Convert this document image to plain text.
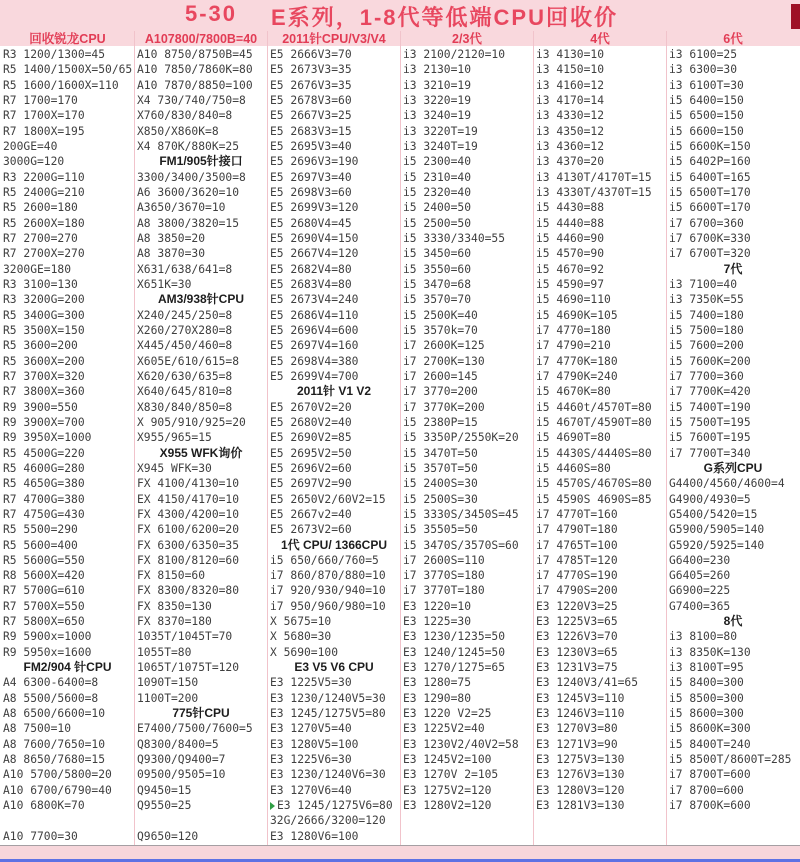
5-30 E系列，1-8代等低端CPU回收价
回收锐龙CPU
R3 1200/1300=45
R5 1400/1500X=50/65
R5 1600/1600X=110
R7 1700=170
R7 1700X=170
R7 1800X=195
200GE=40
3000G=120
R3 2200G=110
R5 2400G=210
R5 2600=180
R5 2600X=180
R7 2700=270
R7 2700X=270
3200GE=180
R3 3100=130
R3 3200G=200
R5 3400G=300
R5 3500X=150
R5 3600=200
R5 3600X=200
R7 3700X=320
R7 3800X=360
R9 3900=550
R9 3900X=700
R9 3950X=1000
R5 4500G=220
R5 4600G=280
R5 4650G=380
R7 4700G=380
R7 4750G=430
R5 5500=290
R5 5600=400
R5 5600G=550
R8 5600X=420
R7 5700G=610
R7 5700X=550
R7 5800X=650
R9 5900x=1000
R9 5950x=1600
FM2/904 针CPU
A4 6300-6400=8
A8 5500/5600=8
A8 6500/6600=10
A8 7500=10
A8 7600/7650=10
A8 8650/7680=15
A10 5700/5800=20
A10 6700/6790=40
A10 6800K=70
A10 7700=30
A107800/7800B=40
A10 8750/8750B=45
A10 7850/7860K=80
A10 7870/8850=100
X4 730/740/750=8
X760/830/840=8
X850/X860K=8
X4 870K/880K=25
FM1/905针接口
3300/3400/3500=8
A6 3600/3620=10
A3650/3670=10
A8 3800/3820=15
A8 3850=20
A8 3870=30
X631/638/641=8
X651K=30
AM3/938针CPU
X240/245/250=8
X260/270X280=8
X445/450/460=8
X605E/610/615=8
X620/630/635=8
X640/645/810=8
X830/840/850=8
X 905/910/925=20
X955/965=15
X955 WFK询价
X945 WFK=30
FX 4100/4130=10
EX 4150/4170=10
FX 4300/4200=10
FX 6100/6200=20
FX 6300/6350=35
FX 8100/8120=60
FX 8150=60
FX 8300/8320=80
FX 8350=130
FX 8370=180
1035T/1045T=70
1055T=80
1065T/1075T=120
1090T=150
1100T=200
775针CPU
E7400/7500/7600=5
Q8300/8400=5
Q9300/Q9400=7
09500/9505=10
Q9450=15
Q9550=25
Q9650=120
2011针CPU/V3/V4
E5 2666V3=70
E5 2673V3=35
E5 2676V3=35
E5 2678V3=60
E5 2667V3=25
E5 2683V3=15
E5 2695V3=40
E5 2696V3=190
E5 2697V3=40
E5 2698V3=60
E5 2699V3=120
E5 2680V4=45
E5 2690V4=150
E5 2667V4=120
E5 2682V4=80
E5 2683V4=80
E5 2673V4=240
E5 2686V4=110
E5 2696V4=600
E5 2697V4=160
E5 2698V4=380
E5 2699V4=700
2011针 V1 V2
E5 2670V2=20
E5 2680V2=40
E5 2690V2=85
E5 2695V2=50
E5 2696V2=60
E5 2697V2=90
E5 2650V2/60V2=15
E5 2667v2=40
E5 2673V2=60
1代 CPU/ 1366CPU
i5 650/660/760=5
i7 860/870/880=10
i7 920/930/940=10
i7 950/960/980=10
X 5675=10
X 5680=30
X 5690=100
E3 V5 V6 CPU
E3 1225V5=30
E3 1230/1240V5=30
E3 1245/1275V5=80
E3 1270V5=40
E3 1280V5=100
E3 1225V6=30
E3 1230/1240V6=30
E3 1270V6=40
E3 1245/1275V6=80
32G/2666/3200=120
E3 1280V6=100
2/3代
i3 2100/2120=10
i3 2130=10
i3 3210=19
i3 3220=19
i3 3240=19
i3 3220T=19
i3 3240T=19
i5 2300=40
i5 2310=40
i5 2320=40
i5 2400=50
i5 2500=50
i5 3330/3340=55
i5 3450=60
i5 3550=60
i5 3470=68
i5 3570=70
i5 2500K=40
i5 3570k=70
i7 2600K=125
i7 2700K=130
i7 2600=145
i7 3770=200
i7 3770K=200
i5 2380P=15
i5 3350P/2550K=20
i5 3470T=50
i5 3570T=50
i5 2400S=30
i5 2500S=30
i5 3330S/3450S=45
i5 35505=50
i5 3470S/3570S=60
i7 2600S=110
i7 3770S=180
i7 3770T=180
E3 1220=10
E3 1225=30
E3 1230/1235=50
E3 1240/1245=50
E3 1270/1275=65
E3 1280=75
E3 1290=80
E3 1220 V2=25
E3 1225V2=40
E3 1230V2/40V2=58
E3 1245V2=100
E3 1270V 2=105
E3 1275V2=120
E3 1280V2=120
4代
i3 4130=10
i3 4150=10
i3 4160=12
i3 4170=14
i3 4330=12
i3 4350=12
i3 4360=12
i3 4370=20
i3 4130T/4170T=15
i3 4330T/4370T=15
i5 4430=88
i5 4440=88
i5 4460=90
i5 4570=90
i5 4670=92
i5 4590=97
i5 4690=110
i5 4690K=105
i7 4770=180
i7 4790=210
i7 4770K=180
i7 4790K=240
i5 4670K=80
i5 4460t/4570T=80
i5 4670T/4590T=80
i5 4690T=80
i5 4430S/4440S=80
i5 4460S=80
i5 4570S/4670S=80
i5 4590S 4690S=85
i7 4770T=160
i7 4790T=180
i7 4765T=100
i7 4785T=120
i7 4770S=190
i7 4790S=200
E3 1220V3=25
E3 1225V3=65
E3 1226V3=70
E3 1230V3=65
E3 1231V3=75
E3 1240V3/41=65
E3 1245V3=110
E3 1246V3=110
E3 1270V3=80
E3 1271V3=90
E3 1275V3=130
E3 1276V3=130
E3 1280V3=120
E3 1281V3=130
6代
i3 6100=25
i3 6300=30
i3 6100T=30
i5 6400=150
i5 6500=150
i5 6600=150
i5 6600K=150
i5 6402P=160
i5 6400T=165
i5 6500T=170
i5 6600T=170
i7 6700=360
i7 6700K=330
i7 6700T=320
7代
i3 7100=40
i3 7350K=55
i5 7400=180
i5 7500=180
i5 7600=200
i5 7600K=200
i7 7700=360
i7 7700K=420
i5 7400T=190
i5 7500T=195
i5 7600T=195
i7 7700T=340
G系列CPU
G4400/4560/4600=4
G4900/4930=5
G5400/5420=15
G5900/5905=140
G5920/5925=140
G6400=230
G6405=260
G6900=225
G7400=365
8代
i3 8100=80
i3 8350K=130
i3 8100T=95
i5 8400=300
i5 8500=300
i5 8600=300
i5 8600K=300
i5 8400T=240
i5 8500T/8600T=285
i7 8700T=600
i7 8700=600
i7 8700K=600
